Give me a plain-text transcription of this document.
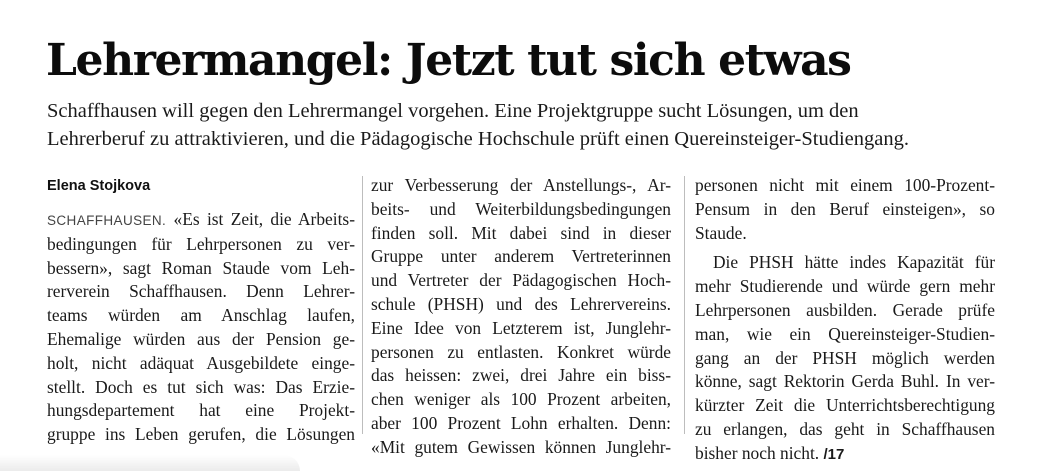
Lehrermangel: Jetzt tut sich etwas

Schaffhausen will gegen den Lehrermangel vorgehen. Eine Projektgruppe sucht Lösungen, um den
Lehrerberuf zu attraktivieren, und die Pädagogische Hochschule prüft einen Quereinsteiger-Studiengang.

Elena Stojkova
SCHAFFHAUSEN. «Es ist Zeit, die Arbeits-
bedingungen für Lehrpersonen zu ver-
bessern», sagt Roman Staude vom Leh-
rerverein Schaffhausen. Denn Lehrer-
teams würden am Anschlag laufen,
Ehemalige würden aus der Pension ge-
holt, nicht adäquat Ausgebildete einge-
stellt. Doch es tut sich was: Das Erzie-
hungsdepartement hat eine Projekt-
gruppe ins Leben gerufen, die Lösungen
zur Verbesserung der Anstellungs-, Ar-
beits- und Weiterbildungsbedingungen
finden soll. Mit dabei sind in dieser
Gruppe unter anderem Vertreterinnen
und Vertreter der Pädagogischen Hoch-
schule (PHSH) und des Lehrervereins.
Eine Idee von Letzterem ist, Junglehr-
personen zu entlasten. Konkret würde
das heissen: zwei, drei Jahre ein biss-
chen weniger als 100 Prozent arbeiten,
aber 100 Prozent Lohn erhalten. Denn:
«Mit gutem Gewissen können Junglehr-
personen nicht mit einem 100-Prozent-
Pensum in den Beruf einsteigen», so
Staude.
Die PHSH hätte indes Kapazität für
mehr Studierende und würde gern mehr
Lehrpersonen ausbilden. Gerade prüfe
man, wie ein Quereinsteiger-Studien-
gang an der PHSH möglich werden
könne, sagt Rektorin Gerda Buhl. In ver-
kürzter Zeit die Unterrichtsberechtigung
zu erlangen, das geht in Schaffhausen
bisher noch nicht. /17
